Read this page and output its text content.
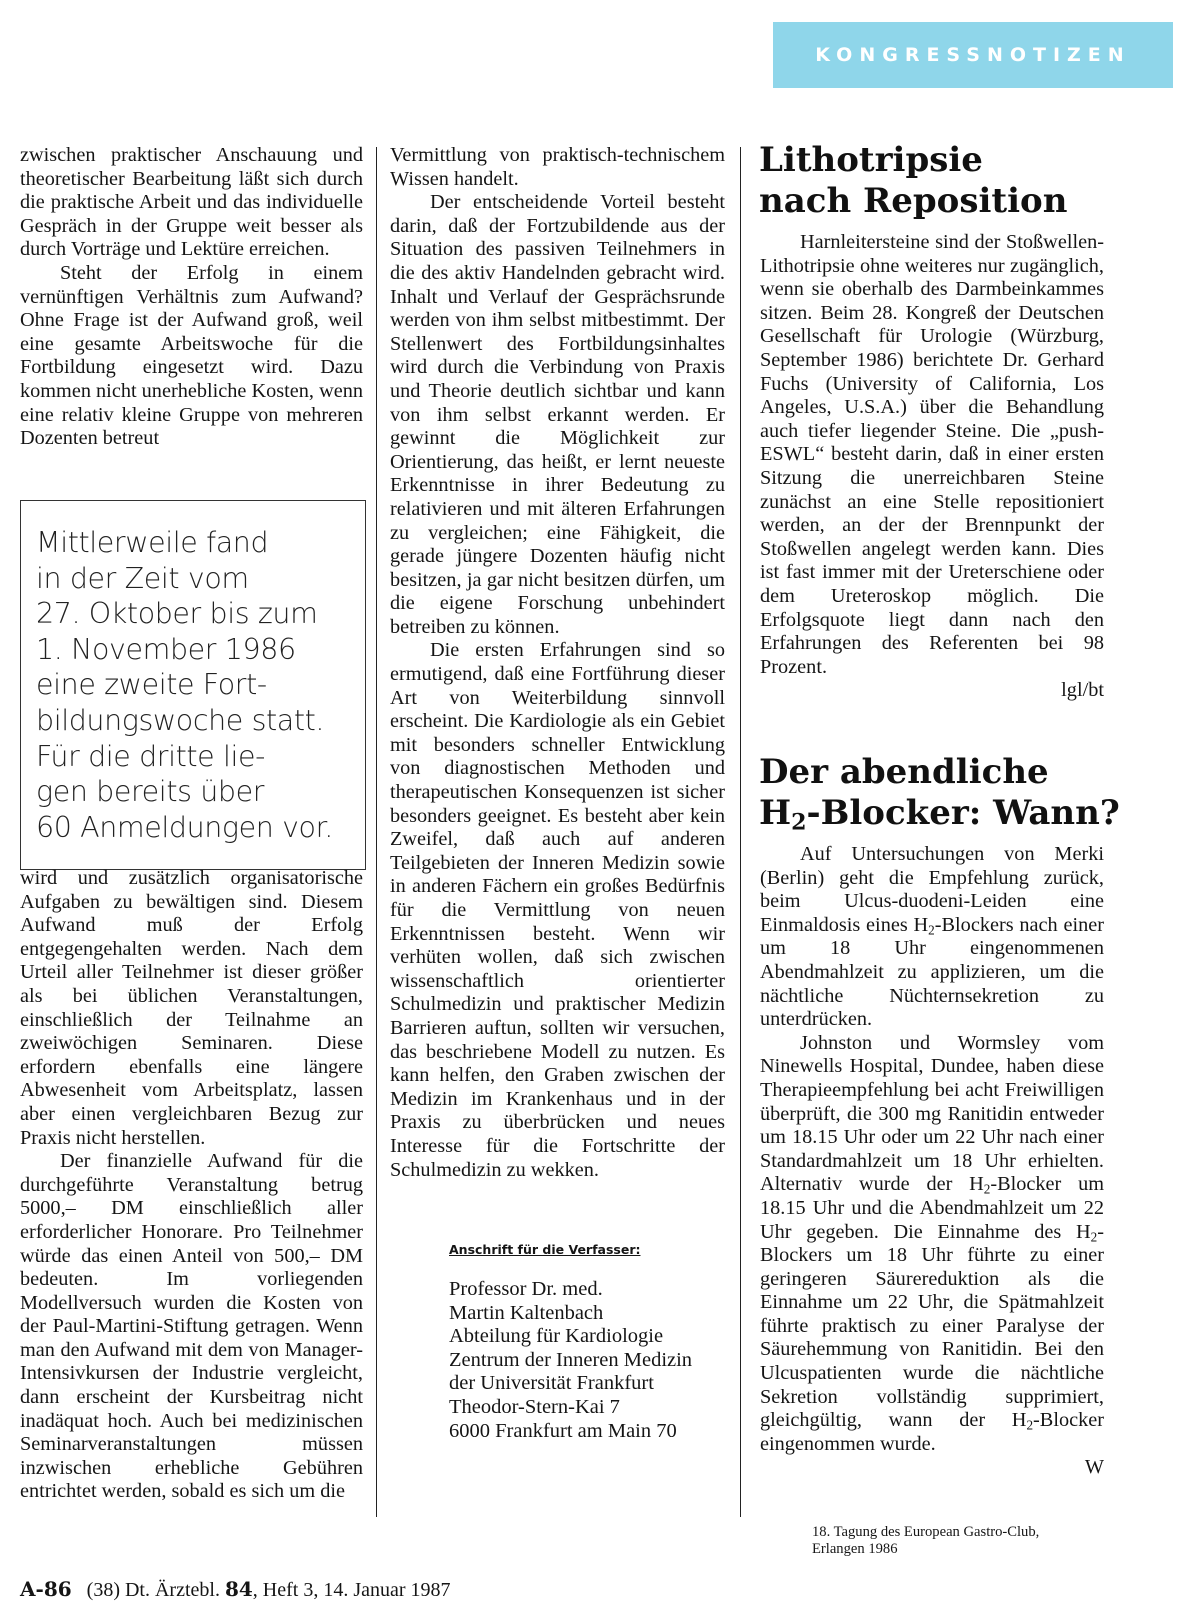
KONGRESSNOTIZEN

zwischen praktischer Anschauung und theoretischer Bearbeitung läßt sich durch die praktische Arbeit und das individuelle Gespräch in der Gruppe weit besser als durch Vorträge und Lektüre erreichen.

Steht der Erfolg in einem vernünftigen Verhältnis zum Aufwand? Ohne Frage ist der Aufwand groß, weil eine gesamte Arbeitswoche für die Fortbildung eingesetzt wird. Dazu kommen nicht unerhebliche Kosten, wenn eine relativ kleine Gruppe von mehreren Dozenten betreut

Mittlerweile fand
in der Zeit vom
27. Oktober bis zum
1. November 1986
eine zweite Fort-
bildungswoche statt.
Für die dritte lie-
gen bereits über
60 Anmeldungen vor.

wird und zusätzlich organisatorische Aufgaben zu bewältigen sind. Diesem Aufwand muß der Erfolg entgegengehalten werden. Nach dem Urteil aller Teilnehmer ist dieser größer als bei üblichen Veranstaltungen, einschließlich der Teilnahme an zweiwöchigen Seminaren. Diese erfordern ebenfalls eine längere Abwesenheit vom Arbeitsplatz, lassen aber einen vergleichbaren Bezug zur Praxis nicht herstellen.

Der finanzielle Aufwand für die durchgeführte Veranstaltung betrug 5000,– DM einschließlich aller erforderlicher Honorare. Pro Teilnehmer würde das einen Anteil von 500,– DM bedeuten. Im vorliegenden Modellversuch wurden die Kosten von der Paul-Martini-Stiftung getragen. Wenn man den Aufwand mit dem von Manager-Intensivkursen der Industrie vergleicht, dann erscheint der Kursbeitrag nicht inadäquat hoch. Auch bei medizinischen Seminarveranstaltungen müssen inzwischen erhebliche Gebühren entrichtet werden, sobald es sich um die

Vermittlung von praktisch-technischem Wissen handelt.

Der entscheidende Vorteil besteht darin, daß der Fortzubildende aus der Situation des passiven Teilnehmers in die des aktiv Handelnden gebracht wird. Inhalt und Verlauf der Gesprächsrunde werden von ihm selbst mitbestimmt. Der Stellenwert des Fortbildungsinhaltes wird durch die Verbindung von Praxis und Theorie deutlich sichtbar und kann von ihm selbst erkannt werden. Er gewinnt die Möglichkeit zur Orientierung, das heißt, er lernt neueste Erkenntnisse in ihrer Bedeutung zu relativieren und mit älteren Erfahrungen zu vergleichen; eine Fähigkeit, die gerade jüngere Dozenten häufig nicht besitzen, ja gar nicht besitzen dürfen, um die eigene Forschung unbehindert betreiben zu können.

Die ersten Erfahrungen sind so ermutigend, daß eine Fortführung dieser Art von Weiterbildung sinnvoll erscheint. Die Kardiologie als ein Gebiet mit besonders schneller Entwicklung von diagnostischen Methoden und therapeutischen Konsequenzen ist sicher besonders geeignet. Es besteht aber kein Zweifel, daß auch auf anderen Teilgebieten der Inneren Medizin sowie in anderen Fächern ein großes Bedürfnis für die Vermittlung von neuen Erkenntnissen besteht. Wenn wir verhüten wollen, daß sich zwischen wissenschaftlich orientierter Schulmedizin und praktischer Medizin Barrieren auftun, sollten wir versuchen, das beschriebene Modell zu nutzen. Es kann helfen, den Graben zwischen der Medizin im Krankenhaus und in der Praxis zu überbrücken und neues Interesse für die Fortschritte der Schulmedizin zu wekken.

Anschrift für die Verfasser:
Professor Dr. med.
Martin Kaltenbach
Abteilung für Kardiologie
Zentrum der Inneren Medizin
der Universität Frankfurt
Theodor-Stern-Kai 7
6000 Frankfurt am Main 70
Lithotripsie
nach Reposition

Harnleitersteine sind der Stoßwellen-Lithotripsie ohne weiteres nur zugänglich, wenn sie oberhalb des Darmbeinkammes sitzen. Beim 28. Kongreß der Deutschen Gesellschaft für Urologie (Würzburg, September 1986) berichtete Dr. Gerhard Fuchs (University of California, Los Angeles, U.S.A.) über die Behandlung auch tiefer liegender Steine. Die „push-ESWL“ besteht darin, daß in einer ersten Sitzung die unerreichbaren Steine zunächst an eine Stelle repositioniert werden, an der der Brennpunkt der Stoßwellen angelegt werden kann. Dies ist fast immer mit der Ureterschiene oder dem Ureteroskop möglich. Die Erfolgsquote liegt dann nach den Erfahrungen des Referenten bei 98 Prozent.

lgl/bt
Der abendliche
$H_2$-Blocker: Wann?

Auf Untersuchungen von Merki (Berlin) geht die Empfehlung zurück, beim Ulcus-duodeni-Leiden eine Einmaldosis eines $H_2$-Blockers nach einer um 18 Uhr eingenommenen Abendmahlzeit zu applizieren, um die nächtliche Nüchternsekretion zu unterdrücken.

Johnston und Wormsley vom Ninewells Hospital, Dundee, haben diese Therapieempfehlung bei acht Freiwilligen überprüft, die 300 mg Ranitidin entweder um 18.15 Uhr oder um 22 Uhr nach einer Standardmahlzeit um 18 Uhr erhielten. Alternativ wurde der $H_2$-Blocker um 18.15 Uhr und die Abendmahlzeit um 22 Uhr gegeben. Die Einnahme des $H_2$-Blockers um 18 Uhr führte zu einer geringeren Säurereduktion als die Einnahme um 22 Uhr, die Spätmahlzeit führte praktisch zu einer Paralyse der Säurehemmung von Ranitidin. Bei den Ulcuspatienten wurde die nächtliche Sekretion vollständig supprimiert, gleichgültig, wann der $H_2$-Blocker eingenommen wurde.

W
18. Tagung des European Gastro-Club,
Erlangen 1986
A-86 (38) Dt. Ärztebl. 84, Heft 3, 14. Januar 1987
